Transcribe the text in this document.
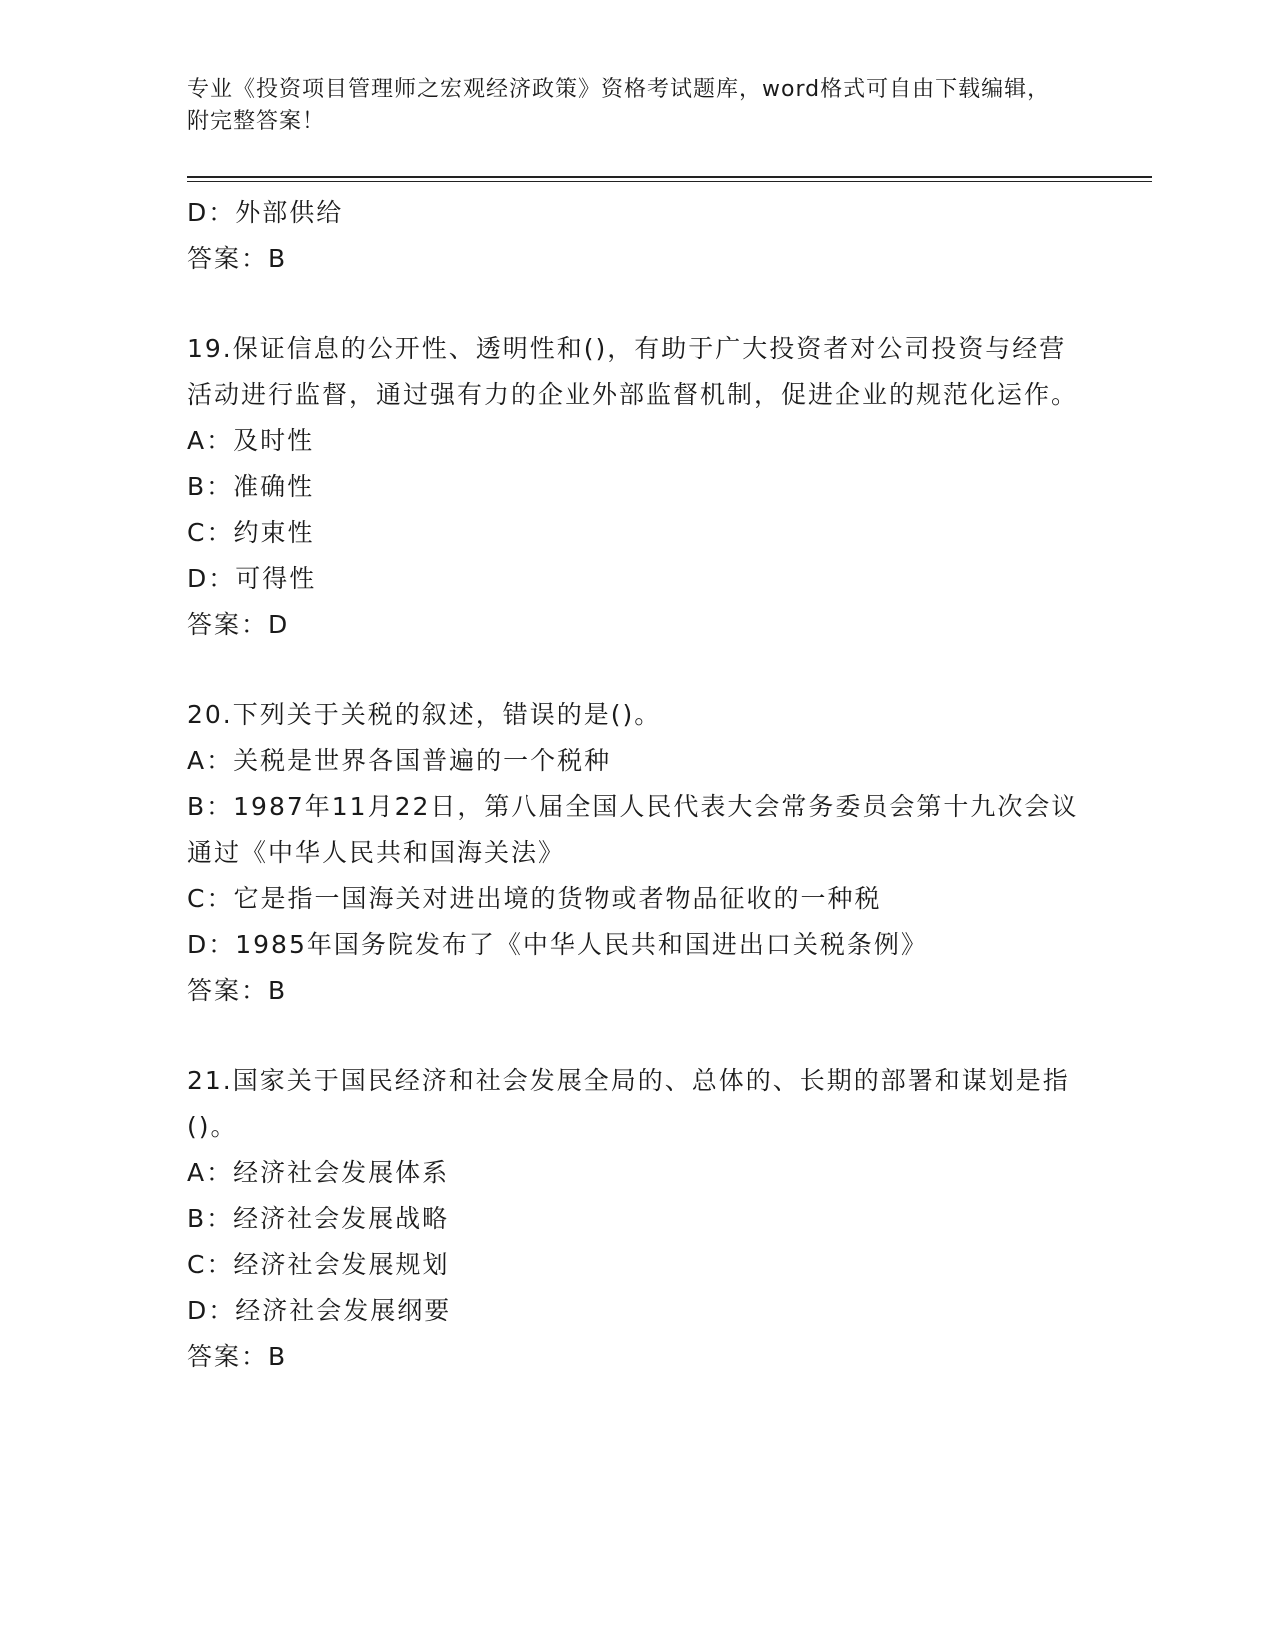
专业《投资项目管理师之宏观经济政策》资格考试题库，word格式可自由下载编辑，附完整答案！
D：外部供给
答案：B
19.保证信息的公开性、透明性和()，有助于广大投资者对公司投资与经营活动进行监督，通过强有力的企业外部监督机制，促进企业的规范化运作。
A：及时性
B：准确性
C：约束性
D：可得性
答案：D
20.下列关于关税的叙述，错误的是()。
A：关税是世界各国普遍的一个税种
B：1987年11月22日，第八届全国人民代表大会常务委员会第十九次会议通过《中华人民共和国海关法》
C：它是指一国海关对进出境的货物或者物品征收的一种税
D：1985年国务院发布了《中华人民共和国进出口关税条例》
答案：B
21.国家关于国民经济和社会发展全局的、总体的、长期的部署和谋划是指()。
A：经济社会发展体系
B：经济社会发展战略
C：经济社会发展规划
D：经济社会发展纲要
答案：B
